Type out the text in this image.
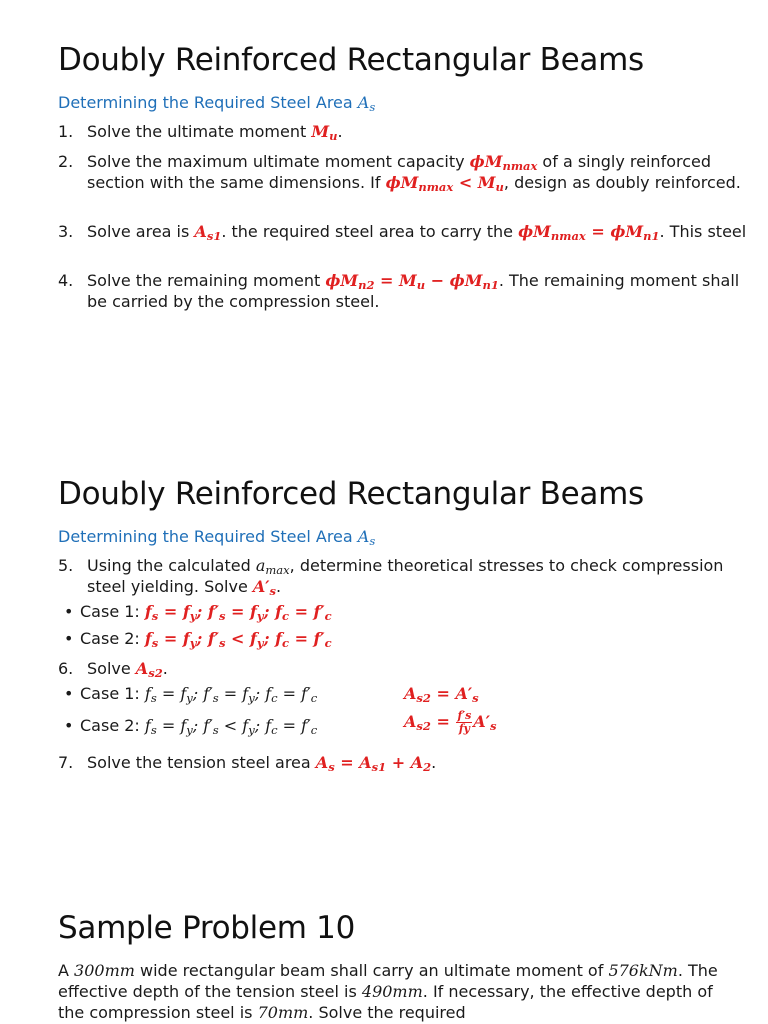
Doubly Reinforced Rectangular Beams
Determining the Required Steel Area $A_s$
1. Solve the ultimate moment $M_u$.
2. Solve the maximum ultimate moment capacity $\phi M_{nmax}$ of a singly reinforced section with the same dimensions. If $\phi M_{nmax} < M_u$, design as doubly reinforced.
3. Solve area is $A_{s1}$. the required steel area to carry the $\phi M_{nmax} = \phi M_{n1}$. This steel
4. Solve the remaining moment $\phi M_{n2} = M_u - \phi M_{n1}$. The remaining moment shall be carried by the compression steel.
Doubly Reinforced Rectangular Beams
Determining the Required Steel Area $A_s$
5. Using the calculated $a_{max}$, determine theoretical stresses to check compression steel yielding. Solve $A'_s$.
• Case 1: $f_s = f_y$; $f'_s = f_y$; $f_c = f'_c$
• Case 2: $f_s = f_y$; $f'_s < f_y$; $f_c = f'_c$
6. Solve $A_{s2}$.
• Case 1: $f_s = f_y$; $f'_s = f_y$; $f_c = f'_c$	$A_{s2} = A'_s$
• Case 2: $f_s = f_y$; $f'_s < f_y$; $f_c = f'_c$	$A_{s2} = \frac{f's}{fy} A'_s$
7. Solve the tension steel area $A_s = A_{s1} + A_2$.
Sample Problem 10
A 300mm wide rectangular beam shall carry an ultimate moment of 576kNm. The effective depth of the tension steel is 490mm. If necessary, the effective depth of the compression steel is 70mm. Solve the required
